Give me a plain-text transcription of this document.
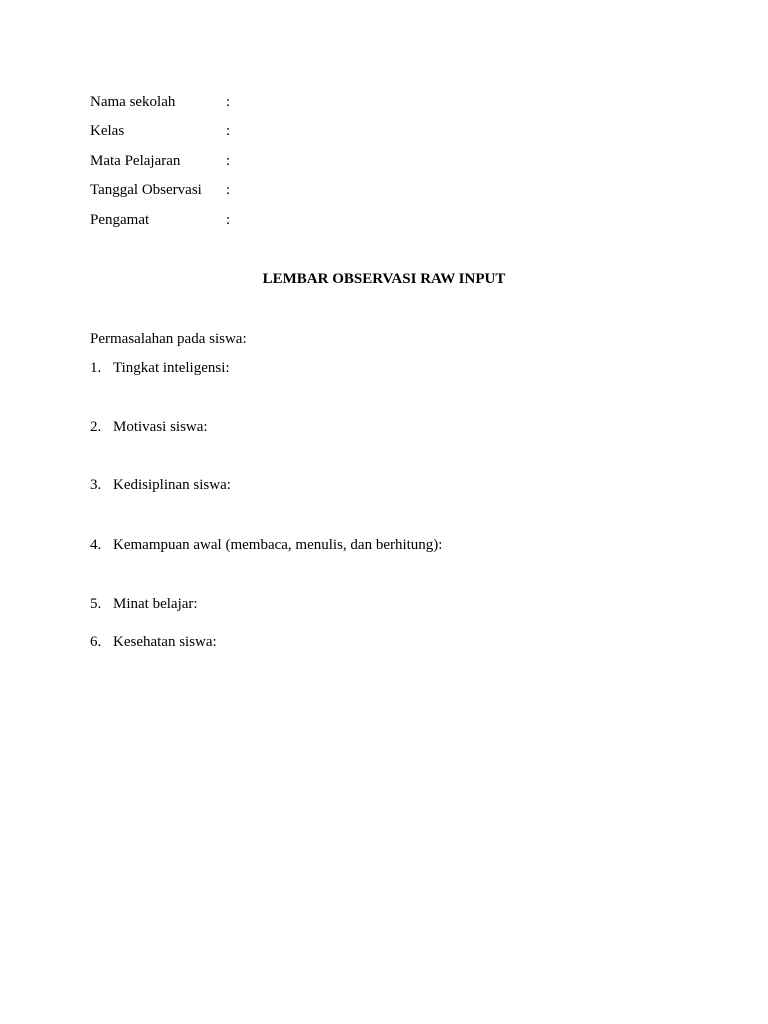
Nama sekolah	:
Kelas	:
Mata Pelajaran	:
Tanggal Observasi :
Pengamat	:
LEMBAR OBSERVASI RAW INPUT
Permasalahan pada siswa:
1. Tingkat inteligensi:
2. Motivasi siswa:
3. Kedisiplinan siswa:
4. Kemampuan awal (membaca, menulis, dan berhitung):
5. Minat belajar:
6. Kesehatan siswa:
